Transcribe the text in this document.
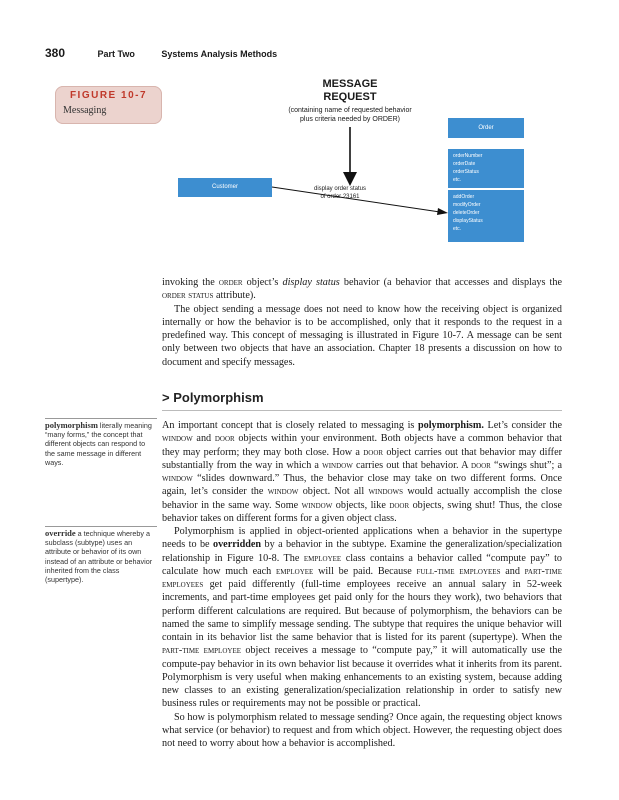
380	Part Two	Systems Analysis Methods
FIGURE 10-7
Messaging
MESSAGE
REQUEST
(containing name of requested behavior
plus criteria needed by ORDER)
Order
orderNumber
orderDate
orderStatus
etc.
addOrder
modifyOrder
deleteOrder
displayStatus
etc.
Customer	display order status
of order 23161

invoking the order object’s display status behavior (a behavior that accesses and displays the order status attribute).

The object sending a message does not need to know how the receiving object is organized internally or how the behavior is to be accomplished, only that it responds to the request in a predefined way. This concept of messaging is illustrated in Figure 10-7. A message can be sent only between two objects that have an association. Chapter 18 presents a discussion on how to document and specify messages.

> Polymorphism
polymorphism literally meaning “many forms,” the concept that different objects can respond to the same message in different ways.
override a technique whereby a subclass (subtype) uses an attribute or behavior of its own instead of an attribute or behavior inherited from the class (supertype).

An important concept that is closely related to messaging is polymorphism. Let’s consider the window and door objects within your environment. Both objects have a common behavior that they may perform; they may both close. How a door object carries out that behavior may differ substantially from the way in which a window carries out that behavior. A door “swings shut”; a window “slides downward.” Thus, the behavior close may take on two different forms. Once again, let’s consider the window object. Not all windows would actually accomplish the close behavior in the same way. Some window objects, like door objects, swing shut! Thus, the close behavior takes on different forms for a given object class.

Polymorphism is applied in object-oriented applications when a behavior in the supertype needs to be overridden by a behavior in the subtype. Examine the generalization/specialization relationship in Figure 10-8. The employee class contains a behavior called “compute pay” to calculate how much each employee will be paid. Because full-time employees and part-time employees get paid differently (full-time employees receive an annual salary in 52-week increments, and part-time employees get paid only for the hours they work), two behaviors that perform different calculations are required. But because of polymorphism, the behaviors can be named the same to simplify message sending. The subtype that requires the unique behavior will contain in its behavior list the same behavior that is listed for its parent (supertype). When the part-time employee object receives a message to “compute pay,” it will automatically use the compute-pay behavior in its own behavior list because it overrides what it inherits from its parent. Polymorphism is very useful when making enhancements to an existing system, because adding new classes to an existing generalization/specialization relationship in order to satisfy new business rules or requirements may not be possible or practical.

So how is polymorphism related to message sending? Once again, the requesting object knows what service (or behavior) to request and from which object. However, the requesting object does not need to worry about how a behavior is accomplished.
